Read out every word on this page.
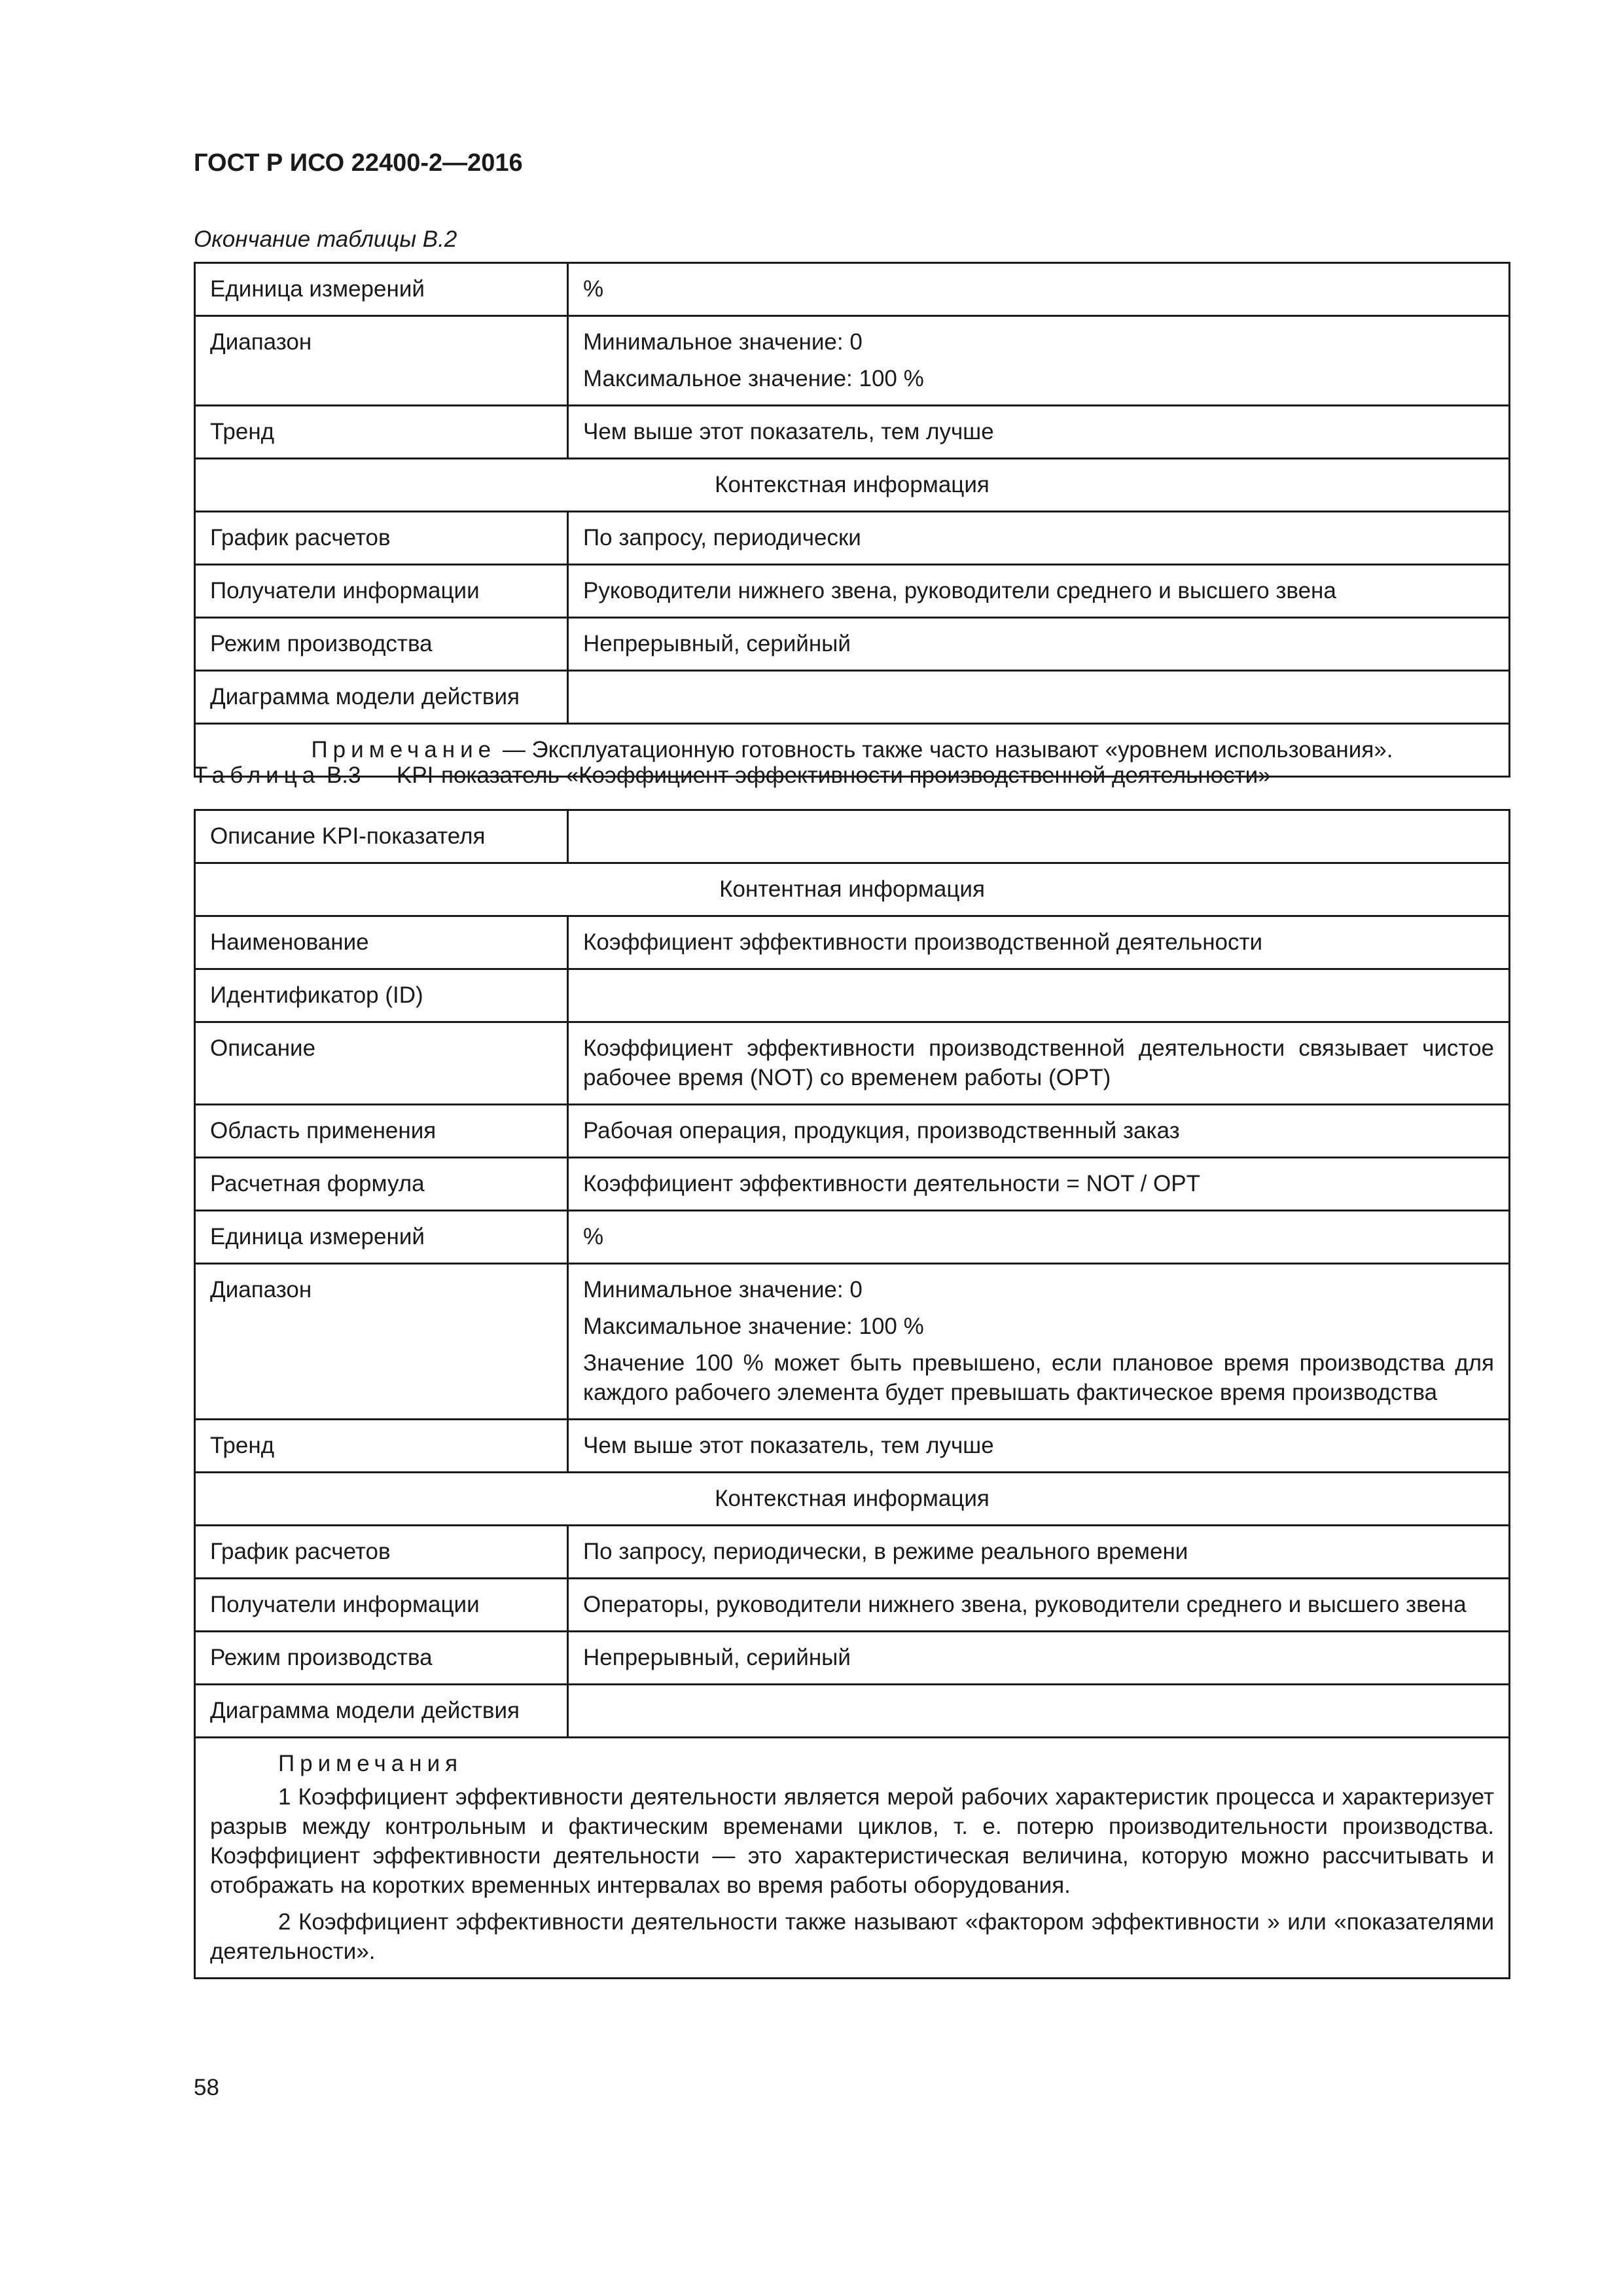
ГОСТ Р ИСО 22400-2—2016
Окончание таблицы В.2
Единица измерений	%
Диапазон	Минимальное значение: 0
Максимальное значение: 100 %

Тренд	Чем выше этот показатель, тем лучше
Контекстная информация	
График расчетов	По запросу, периодически
Получатели информации	Руководители нижнего звена, руководители среднего и высшего звена
Режим производства	Непрерывный, серийный
Диаграмма модели действия	
Примечание — Эксплуатационную готовность также часто называют «уровнем использования».	
Таблица В.3 — KPI-показатель «Коэффициент эффективности производственной деятельности»
Описание KPI-показателя	
Контентная информация	
Наименование	Коэффициент эффективности производственной деятельности
Идентификатор (ID)	
Описание	Коэффициент эффективности производственной деятельности связывает чистое рабочее время (NOT) со временем работы (OPT)
Область применения	Рабочая операция, продукция, производственный заказ
Расчетная формула	Коэффициент эффективности деятельности = NOT / OPT
Единица измерений	%
Диапазон	Минимальное значение: 0
Максимальное значение: 100 %
Значение 100 % может быть превышено, если плановое время производства для каждого рабочего элемента будет превышать фактическое время производства

Тренд	Чем выше этот показатель, тем лучше
Контекстная информация	
График расчетов	По запросу, периодически, в режиме реального времени
Получатели информации	Операторы, руководители нижнего звена, руководители среднего и высшего звена
Режим производства	Непрерывный, серийный
Диаграмма модели действия	

Примечания
1 Коэффициент эффективности деятельности является мерой рабочих характеристик процесса и характеризует разрыв между контрольным и фактическим временами циклов, т. е. потерю производительности производства. Коэффициент эффективности деятельности — это характеристическая величина, которую можно рассчитывать и отображать на коротких временных интервалах во время работы оборудования.
2 Коэффициент эффективности деятельности также называют «фактором эффективности » или «показателями деятельности».	
58
